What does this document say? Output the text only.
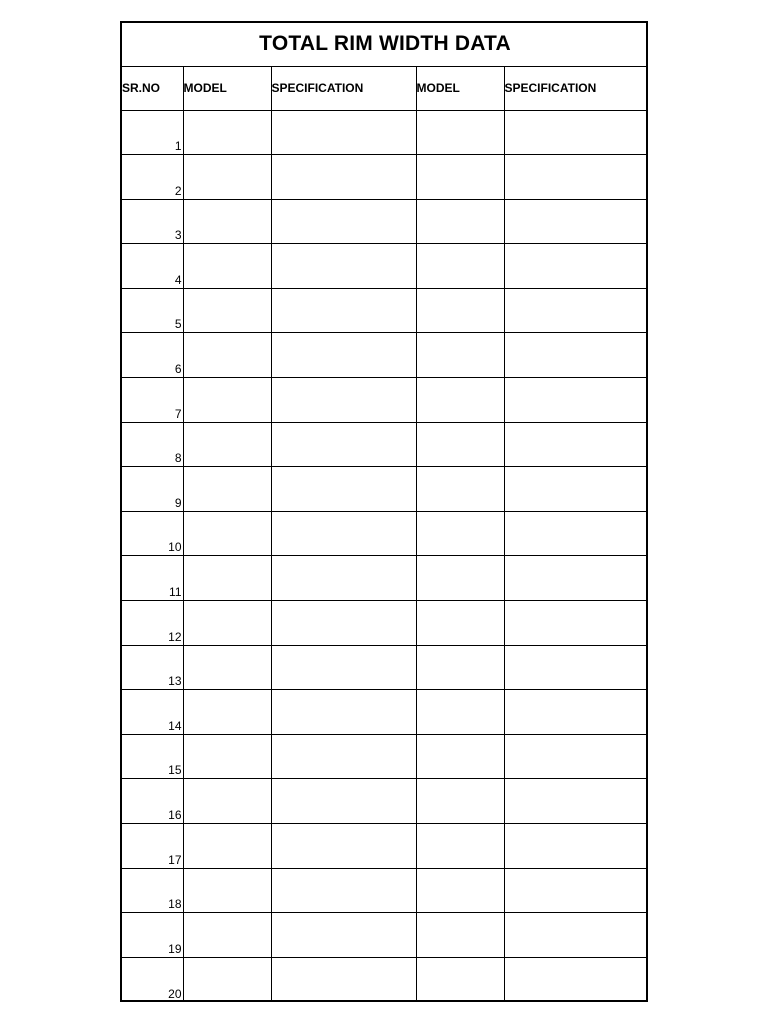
TOTAL RIM WIDTH DATA				
SR.NO	MODEL	SPECIFICATION	MODEL	SPECIFICATION
1				
2				
3				
4				
5				
6				
7				
8				
9				
10				
11				
12				
13				
14				
15				
16				
17				
18				
19				
20				
